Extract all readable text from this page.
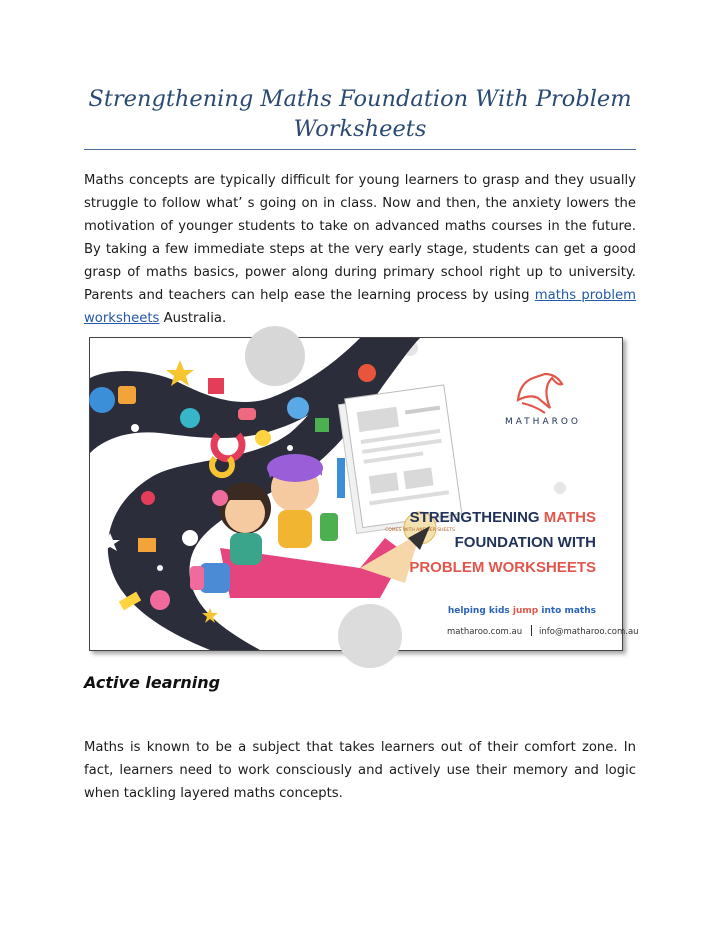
Strengthening Maths Foundation With Problem Worksheets

Maths concepts are typically difficult for young learners to grasp and they usually struggle to follow what’ s going on in class. Now and then, the anxiety lowers the motivation of younger students to take on advanced maths courses in the future. By taking a few immediate steps at the very early stage, students can get a good grasp of maths basics, power along during primary school right up to university. Parents and teachers can help ease the learning process by using maths problem worksheets Australia.

COMES WITH ANSWER SHEETS
MATHAROO
STRENGTHENING MATHS
FOUNDATION WITH
PROBLEM WORKSHEETS
helping kids jump into maths
matharoo.com.au info@matharoo.com.au
Active learning

Maths is known to be a subject that takes learners out of their comfort zone. In fact, learners need to work consciously and actively use their memory and logic when tackling layered maths concepts.
